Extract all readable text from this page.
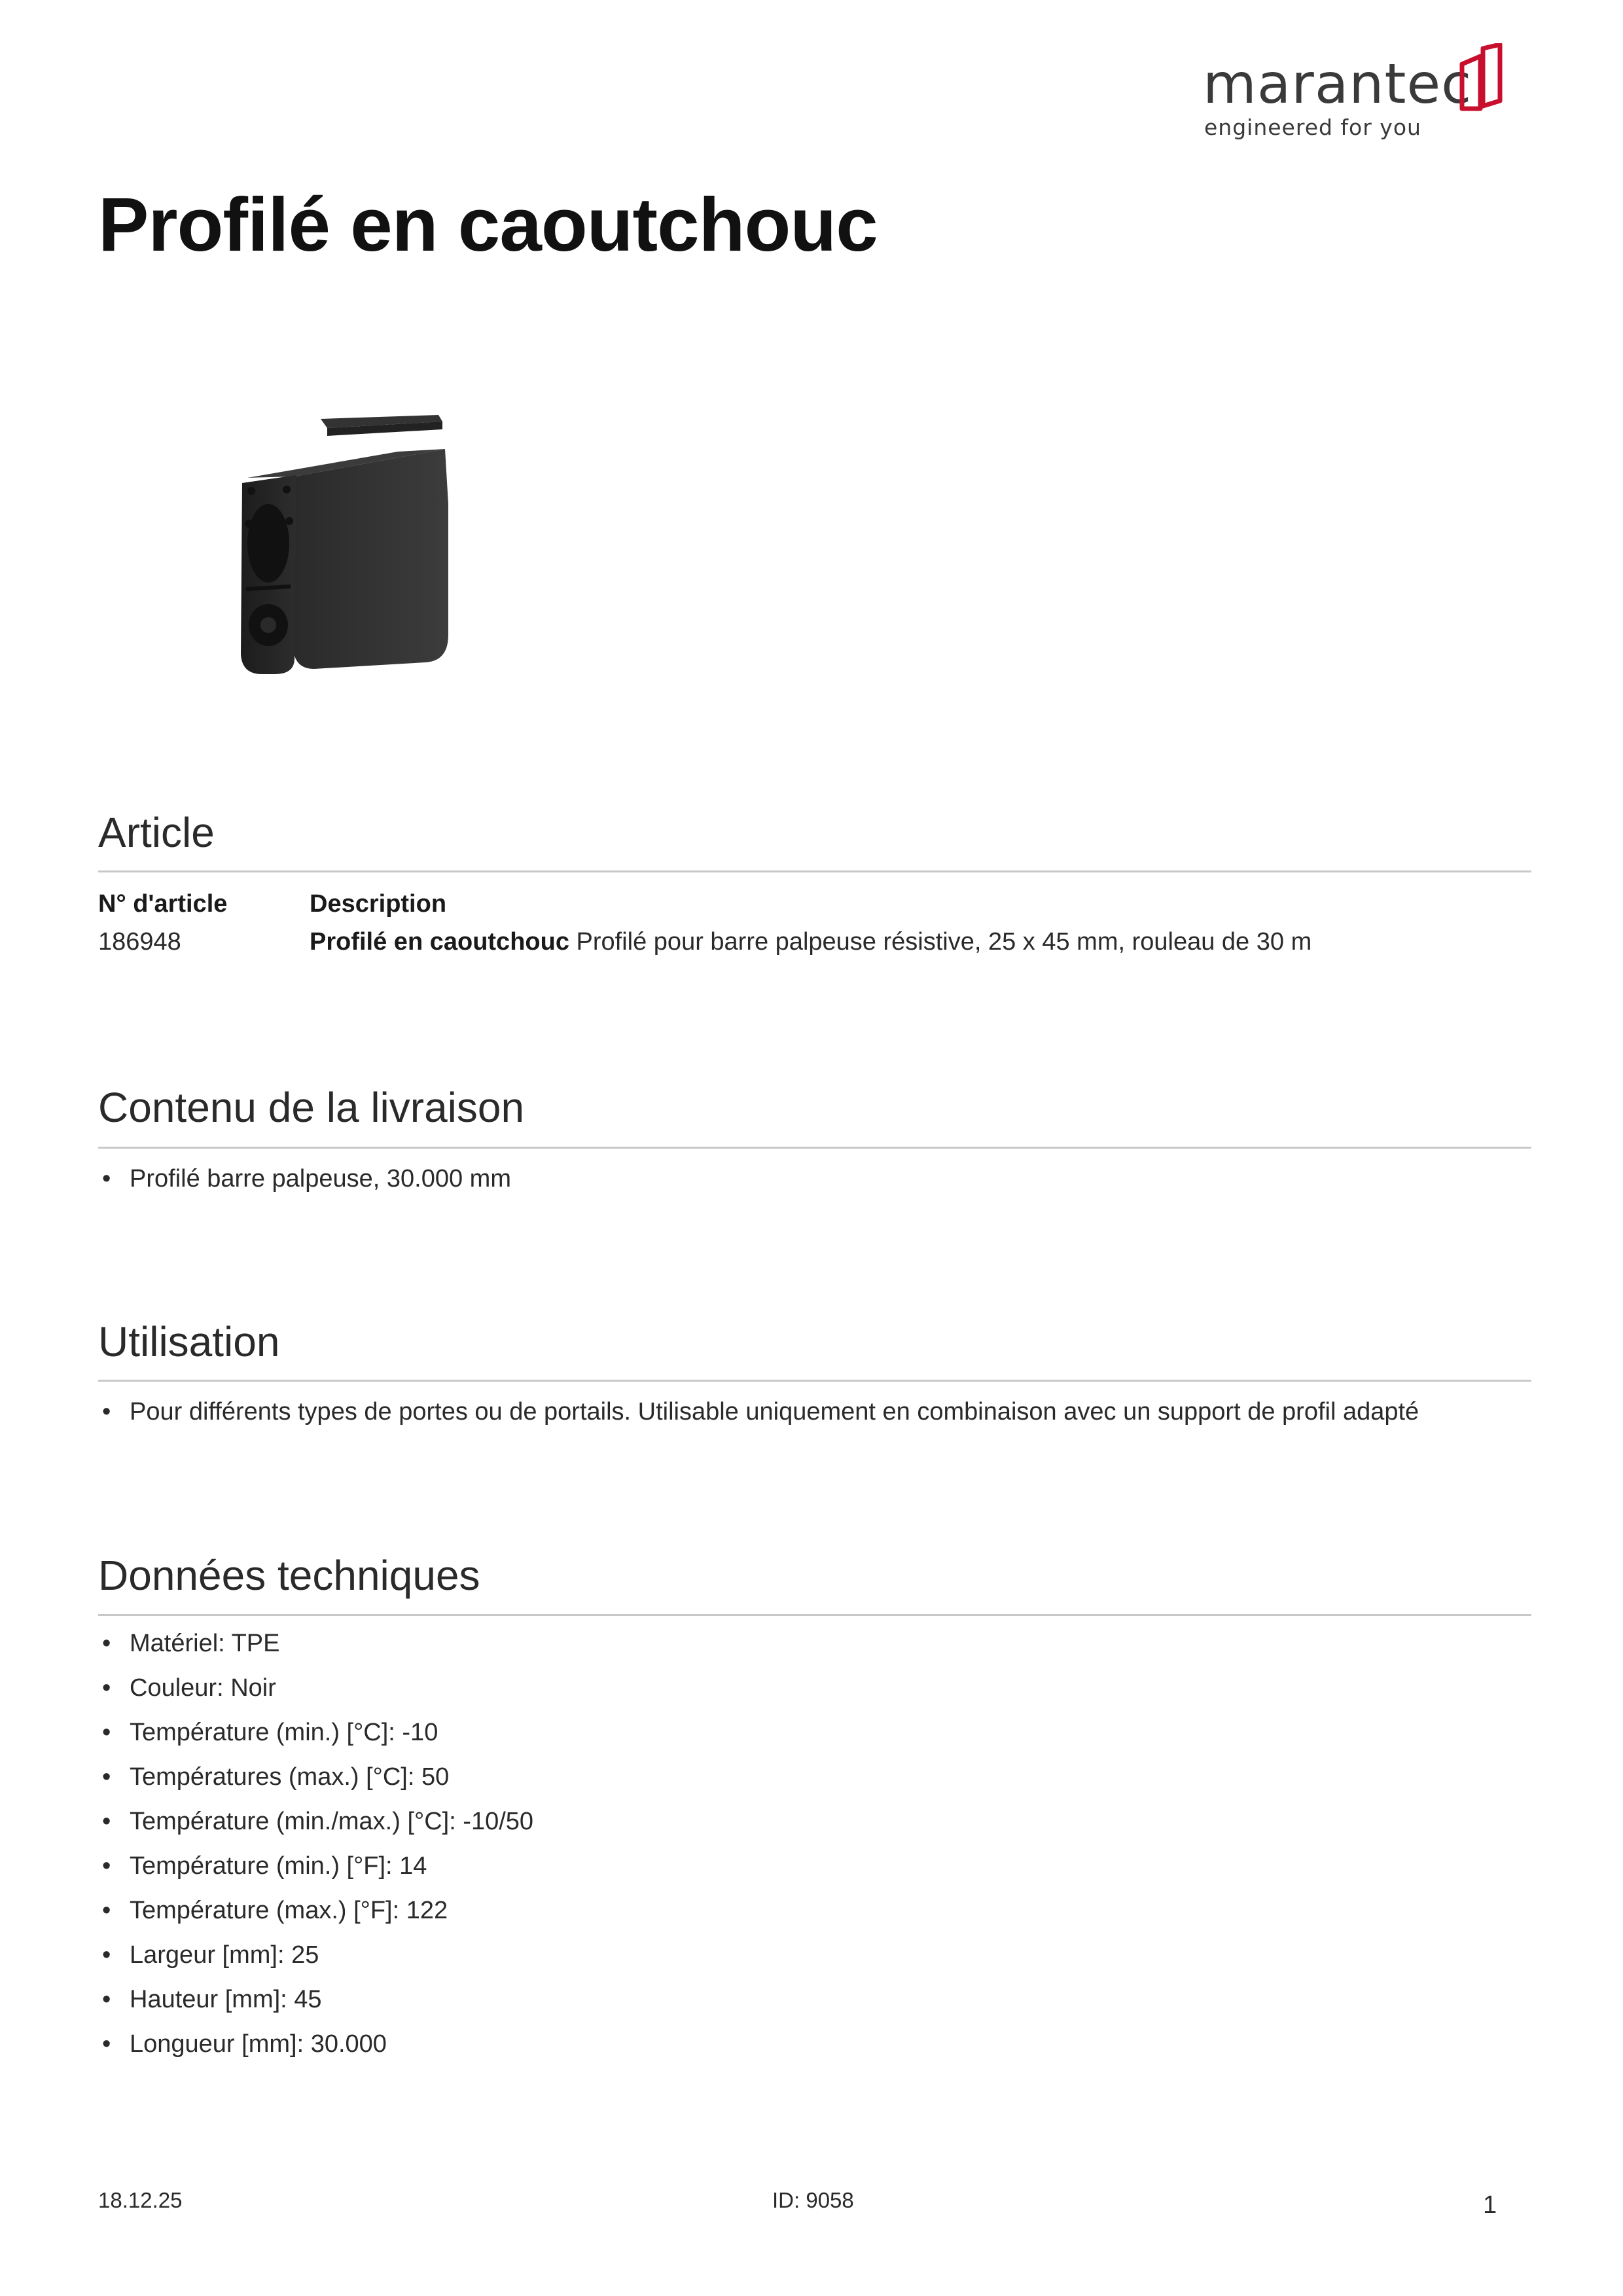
marantec
engineered for you
Profilé en caoutchouc
Article
N° d'article	Description
186948	Profilé en caoutchouc Profilé pour barre palpeuse résistive, 25 x 45 mm, rouleau de 30 m
Contenu de la livraison
• Profilé barre palpeuse, 30.000 mm
Utilisation
• Pour différents types de portes ou de portails. Utilisable uniquement en combinaison avec un support de profil adapté
Données techniques
• Matériel: TPE
• Couleur: Noir
• Température (min.) [°C]: -10
• Températures (max.) [°C]: 50
• Température (min./max.) [°C]: -10/50
• Température (min.) [°F]: 14
• Température (max.) [°F]: 122
• Largeur [mm]: 25
• Hauteur [mm]: 45
• Longueur [mm]: 30.000
18.12.25	ID: 9058	1
